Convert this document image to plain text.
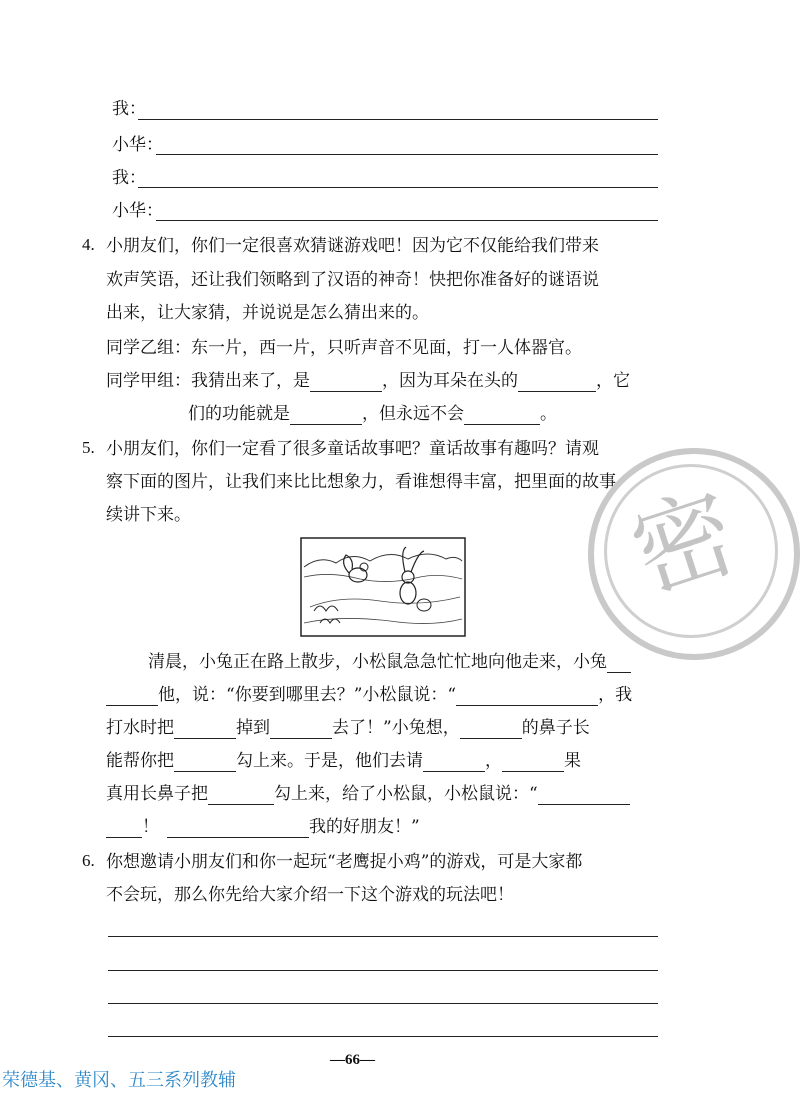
我：
小华：
我：
小华：
4. 小朋友们，你们一定很喜欢猜谜游戏吧！因为它不仅能给我们带来
欢声笑语，还让我们领略到了汉语的神奇！快把你准备好的谜语说
出来，让大家猜，并说说是怎么猜出来的。
同学乙组：东一片，西一片，只听声音不见面，打一人体器官。
同学甲组：我猜出来了，是	，因为耳朵在头的	，它
们的功能就是	，但永远不会	。
5. 小朋友们，你们一定看了很多童话故事吧？童话故事有趣吗？请观
察下面的图片，让我们来比比想象力，看谁想得丰富，把里面的故事
续讲下来。
清晨，小兔正在路上散步，小松鼠急急忙忙地向他走来，小兔
他，说：“你要到哪里去？”小松鼠说：“	，我
打水时把	掉到	去了！”小兔想，	的鼻子长
能帮你把	勾上来。于是，他们去请	，	果
真用长鼻子把	勾上来，给了小松鼠，小松鼠说：“
！	我的好朋友！”
6. 你想邀请小朋友们和你一起玩“老鹰捉小鸡”的游戏，可是大家都
不会玩，那么你先给大家介绍一下这个游戏的玩法吧！
—66—
荣德基、黄冈、五三系列教辅
密
